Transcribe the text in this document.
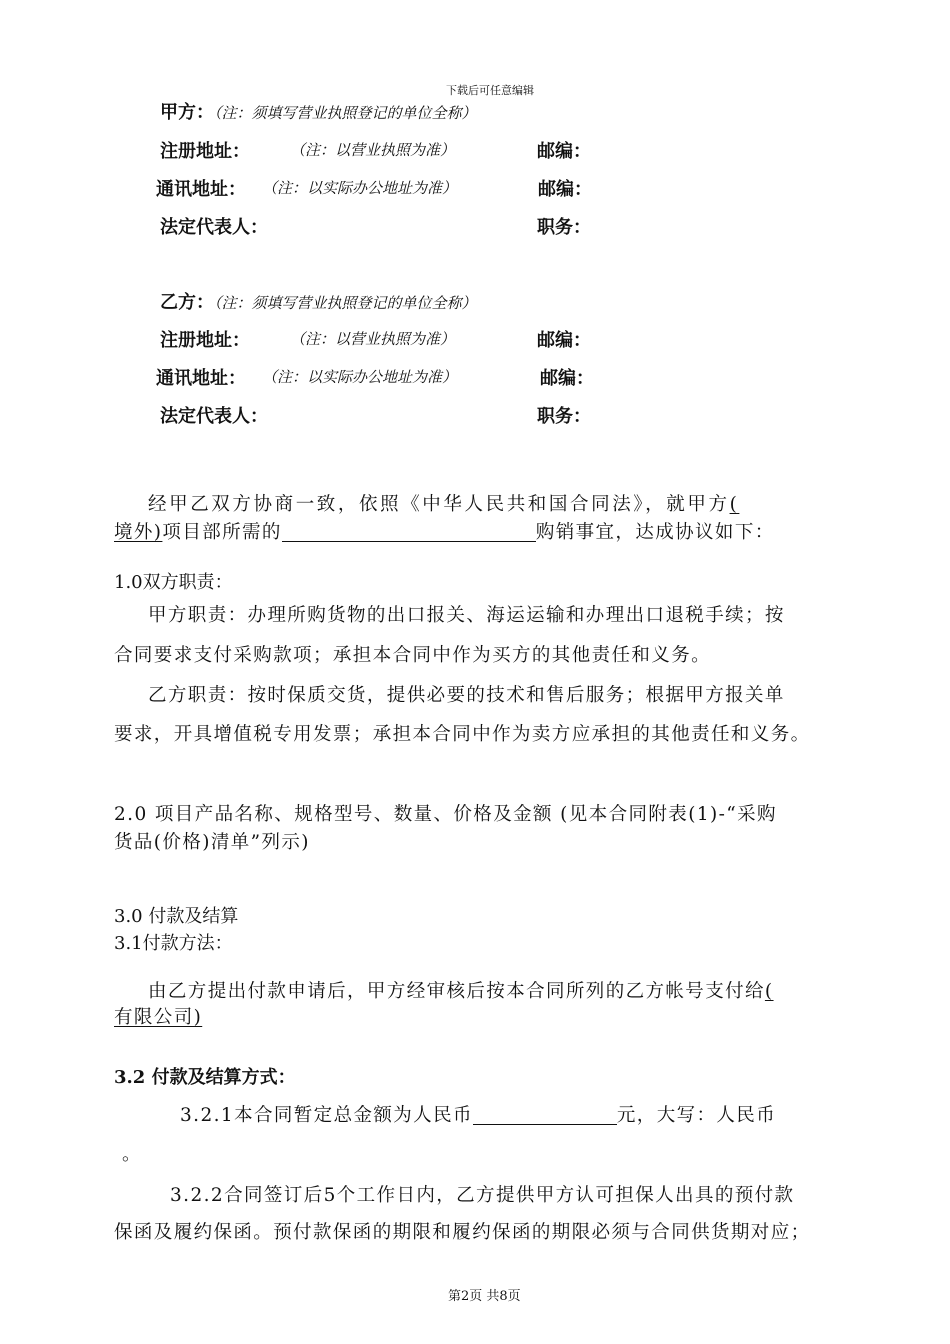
下载后可任意编辑
甲方：（注：须填写营业执照登记的单位全称）
注册地址：	（注：以营业执照为准）	邮编：
通讯地址： （注：以实际办公地址为准）	邮编：
法定代表人：	职务：
乙方：（注：须填写营业执照登记的单位全称）
注册地址：	（注：以营业执照为准）	邮编：
通讯地址： （注：以实际办公地址为准）	邮编：
法定代表人：	职务：
经甲乙双方协商一致，依照《中华人民共和国合同法》，就甲方(
境外)项目部所需的	购销事宜，达成协议如下：
1.0双方职责：
甲方职责：办理所购货物的出口报关、海运运输和办理出口退税手续；按
合同要求支付采购款项；承担本合同中作为买方的其他责任和义务。
乙方职责：按时保质交货，提供必要的技术和售后服务；根据甲方报关单
要求，开具增值税专用发票；承担本合同中作为卖方应承担的其他责任和义务。
2.0 项目产品名称、规格型号、数量、价格及金额 (见本合同附表(1)-“采购
货品(价格)清单”列示)
3.0 付款及结算
3.1付款方法：
由乙方提出付款申请后，甲方经审核后按本合同所列的乙方帐号支付给(
有限公司)
3.2 付款及结算方式：
3.2.1本合同暂定总金额为人民币	元，大写：人民币
。
3.2.2合同签订后5个工作日内，乙方提供甲方认可担保人出具的预付款
保函及履约保函。预付款保函的期限和履约保函的期限必须与合同供货期对应；
第2页 共8页
